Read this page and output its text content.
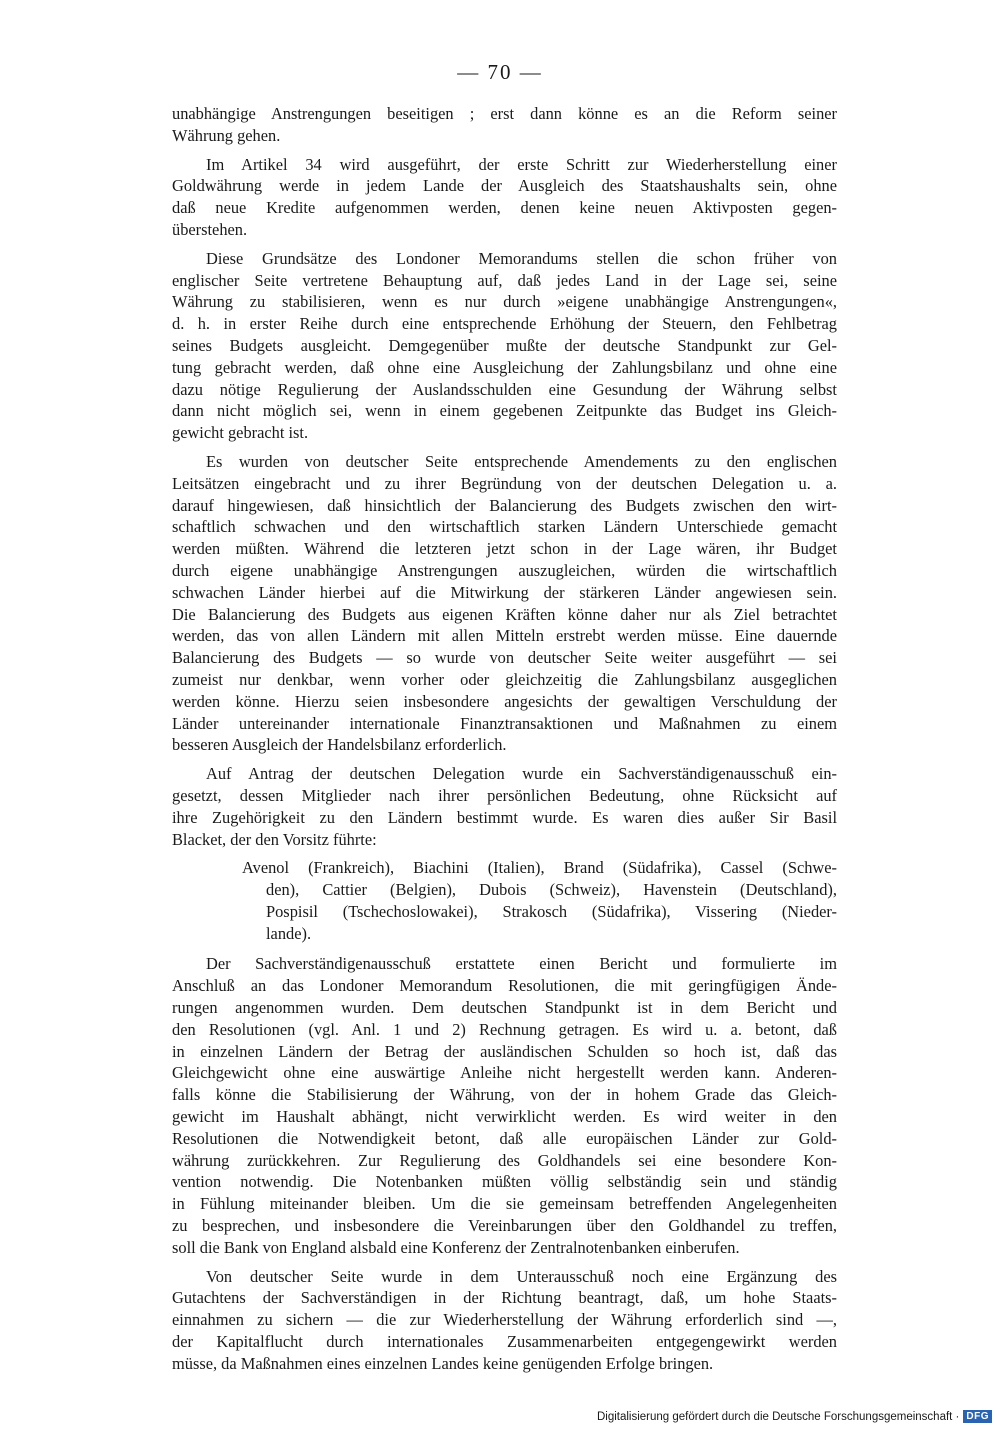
— 70 —
unabhängige Anstrengungen beseitigen ; erst dann könne es an die Reform seiner
Währung gehen.
Im Artikel 34 wird ausgeführt, der erste Schritt zur Wiederherstellung einer
Goldwährung werde in jedem Lande der Ausgleich des Staatshaushalts sein, ohne
daß neue Kredite aufgenommen werden, denen keine neuen Aktivposten gegen-
überstehen.
Diese Grundsätze des Londoner Memorandums stellen die schon früher von
englischer Seite vertretene Behauptung auf, daß jedes Land in der Lage sei, seine
Währung zu stabilisieren, wenn es nur durch »eigene unabhängige Anstrengungen«,
d. h. in erster Reihe durch eine entsprechende Erhöhung der Steuern, den Fehlbetrag
seines Budgets ausgleicht. Demgegenüber mußte der deutsche Standpunkt zur Gel-
tung gebracht werden, daß ohne eine Ausgleichung der Zahlungsbilanz und ohne eine
dazu nötige Regulierung der Auslandsschulden eine Gesundung der Währung selbst
dann nicht möglich sei, wenn in einem gegebenen Zeitpunkte das Budget ins Gleich-
gewicht gebracht ist.
Es wurden von deutscher Seite entsprechende Amendements zu den englischen
Leitsätzen eingebracht und zu ihrer Begründung von der deutschen Delegation u. a.
darauf hingewiesen, daß hinsichtlich der Balancierung des Budgets zwischen den wirt-
schaftlich schwachen und den wirtschaftlich starken Ländern Unterschiede gemacht
werden müßten. Während die letzteren jetzt schon in der Lage wären, ihr Budget
durch eigene unabhängige Anstrengungen auszugleichen, würden die wirtschaftlich
schwachen Länder hierbei auf die Mitwirkung der stärkeren Länder angewiesen sein.
Die Balancierung des Budgets aus eigenen Kräften könne daher nur als Ziel betrachtet
werden, das von allen Ländern mit allen Mitteln erstrebt werden müsse. Eine dauernde
Balancierung des Budgets — so wurde von deutscher Seite weiter ausgeführt — sei
zumeist nur denkbar, wenn vorher oder gleichzeitig die Zahlungsbilanz ausgeglichen
werden könne. Hierzu seien insbesondere angesichts der gewaltigen Verschuldung der
Länder untereinander internationale Finanztransaktionen und Maßnahmen zu einem
besseren Ausgleich der Handelsbilanz erforderlich.
Auf Antrag der deutschen Delegation wurde ein Sachverständigenausschuß ein-
gesetzt, dessen Mitglieder nach ihrer persönlichen Bedeutung, ohne Rücksicht auf
ihre Zugehörigkeit zu den Ländern bestimmt wurde. Es waren dies außer Sir Basil
Blacket, der den Vorsitz führte:
Avenol (Frankreich), Biachini (Italien), Brand (Südafrika), Cassel (Schwe-
den), Cattier (Belgien), Dubois (Schweiz), Havenstein (Deutschland),
Pospisil (Tschechoslowakei), Strakosch (Südafrika), Vissering (Nieder-
lande).
Der Sachverständigenausschuß erstattete einen Bericht und formulierte im
Anschluß an das Londoner Memorandum Resolutionen, die mit geringfügigen Ände-
rungen angenommen wurden. Dem deutschen Standpunkt ist in dem Bericht und
den Resolutionen (vgl. Anl. 1 und 2) Rechnung getragen. Es wird u. a. betont, daß
in einzelnen Ländern der Betrag der ausländischen Schulden so hoch ist, daß das
Gleichgewicht ohne eine auswärtige Anleihe nicht hergestellt werden kann. Anderen-
falls könne die Stabilisierung der Währung, von der in hohem Grade das Gleich-
gewicht im Haushalt abhängt, nicht verwirklicht werden. Es wird weiter in den
Resolutionen die Notwendigkeit betont, daß alle europäischen Länder zur Gold-
währung zurückkehren. Zur Regulierung des Goldhandels sei eine besondere Kon-
vention notwendig. Die Notenbanken müßten völlig selbständig sein und ständig
in Fühlung miteinander bleiben. Um die sie gemeinsam betreffenden Angelegenheiten
zu besprechen, und insbesondere die Vereinbarungen über den Goldhandel zu treffen,
soll die Bank von England alsbald eine Konferenz der Zentralnotenbanken einberufen.
Von deutscher Seite wurde in dem Unterausschuß noch eine Ergänzung des
Gutachtens der Sachverständigen in der Richtung beantragt, daß, um hohe Staats-
einnahmen zu sichern — die zur Wiederherstellung der Währung erforderlich sind —,
der Kapitalflucht durch internationales Zusammenarbeiten entgegengewirkt werden
müsse, da Maßnahmen eines einzelnen Landes keine genügenden Erfolge bringen.
Digitalisierung gefördert durch die Deutsche Forschungsgemeinschaft · DFG
